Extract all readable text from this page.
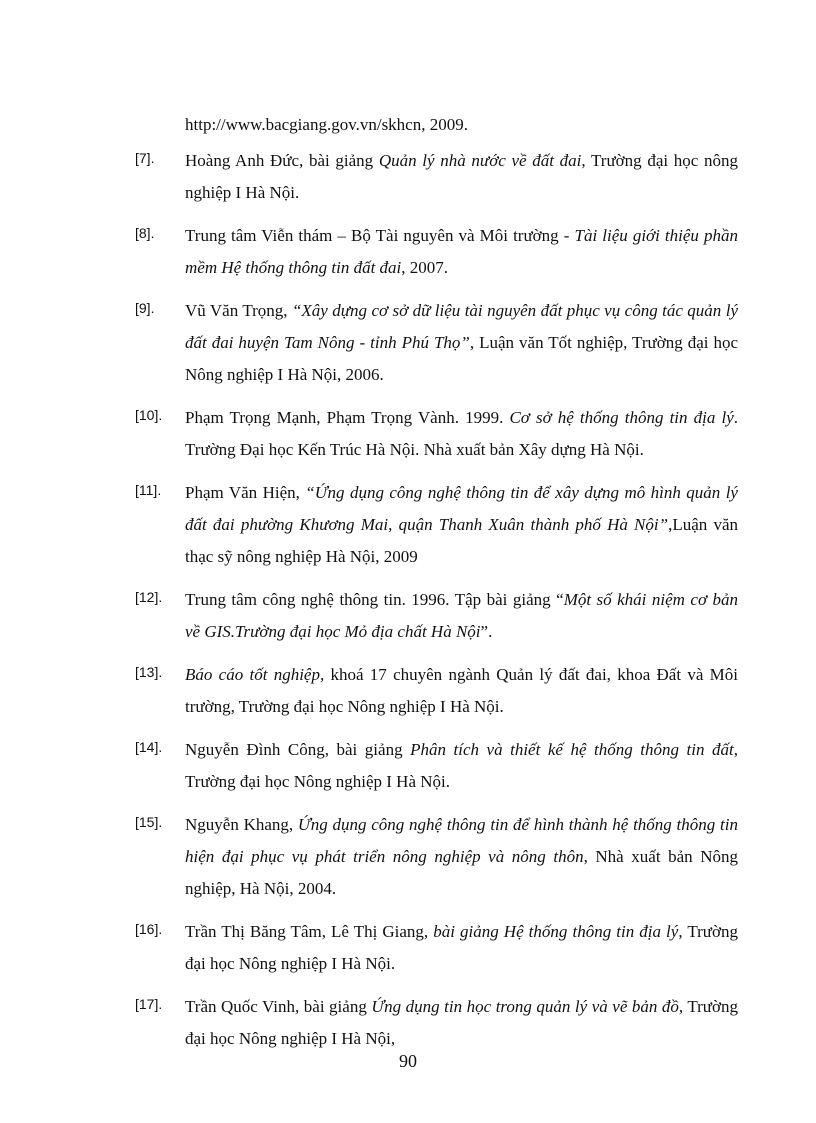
http://www.bacgiang.gov.vn/skhcn, 2009.
[7]. Hoàng Anh Đức, bài giảng Quản lý nhà nước về đất đai, Trường đại học nông nghiệp I Hà Nội.
[8]. Trung tâm Viễn thám – Bộ Tài nguyên và Môi trường - Tài liệu giới thiệu phần mềm Hệ thống thông tin đất đai, 2007.
[9]. Vũ Văn Trọng, “Xây dựng cơ sở dữ liệu tài nguyên đất phục vụ công tác quản lý đất đai huyện Tam Nông - tỉnh Phú Thọ”, Luận văn Tốt nghiệp, Trường đại học Nông nghiệp I Hà Nội, 2006.
[10]. Phạm Trọng Mạnh, Phạm Trọng Vành. 1999. Cơ sở hệ thống thông tin địa lý. Trường Đại học Kến Trúc Hà Nội. Nhà xuất bản Xây dựng Hà Nội.
[11]. Phạm Văn Hiện, “Ứng dụng công nghệ thông tin để xây dựng mô hình quản lý đất đai phường Khương Mai, quận Thanh Xuân thành phố Hà Nội”,Luận văn thạc sỹ nông nghiệp Hà Nội, 2009
[12]. Trung tâm công nghệ thông tin. 1996. Tập bài giảng “Một số khái niệm cơ bản về GIS.Trường đại học Mỏ địa chất Hà Nội”.
[13]. Báo cáo tốt nghiệp, khoá 17 chuyên ngành Quản lý đất đai, khoa Đất và Môi trường, Trường đại học Nông nghiệp I Hà Nội.
[14]. Nguyễn Đình Công, bài giảng Phân tích và thiết kế hệ thống thông tin đất, Trường đại học Nông nghiệp I Hà Nội.
[15]. Nguyễn Khang, Ứng dụng công nghệ thông tin để hình thành hệ thống thông tin hiện đại phục vụ phát triển nông nghiệp và nông thôn, Nhà xuất bản Nông nghiệp, Hà Nội, 2004.
[16]. Trần Thị Băng Tâm, Lê Thị Giang, bài giảng Hệ thống thông tin địa lý, Trường đại học Nông nghiệp I Hà Nội.
[17]. Trần Quốc Vinh, bài giảng Ứng dụng tin học trong quản lý và vẽ bản đồ, Trường đại học Nông nghiệp I Hà Nội,
90
